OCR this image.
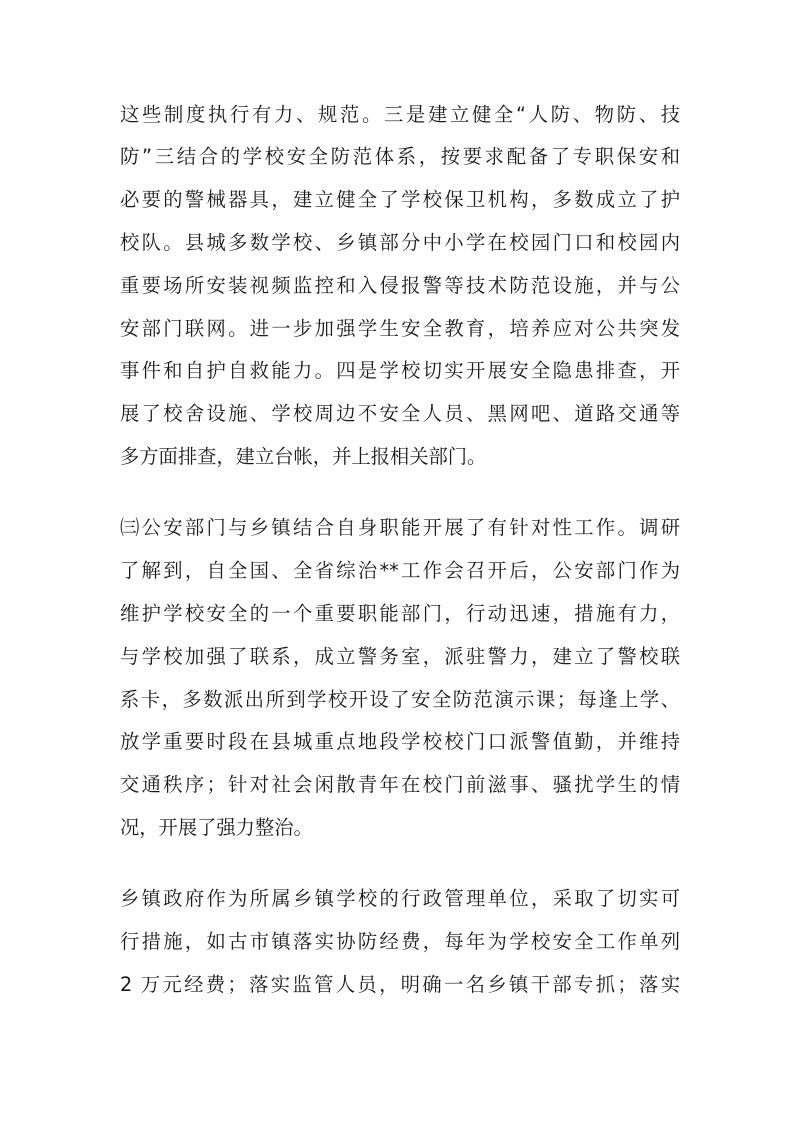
这些制度执行有力、规范。三是建立健全“人防、物防、技
防”三结合的学校安全防范体系，按要求配备了专职保安和
必要的警械器具，建立健全了学校保卫机构，多数成立了护
校队。县城多数学校、乡镇部分中小学在校园门口和校园内
重要场所安装视频监控和入侵报警等技术防范设施，并与公
安部门联网。进一步加强学生安全教育，培养应对公共突发
事件和自护自救能力。四是学校切实开展安全隐患排查，开
展了校舍设施、学校周边不安全人员、黑网吧、道路交通等
多方面排查，建立台帐，并上报相关部门。
㈢公安部门与乡镇结合自身职能开展了有针对性工作。调研
了解到，自全国、全省综治**工作会召开后，公安部门作为
维护学校安全的一个重要职能部门，行动迅速，措施有力，
与学校加强了联系，成立警务室，派驻警力，建立了警校联
系卡，多数派出所到学校开设了安全防范演示课；每逢上学、
放学重要时段在县城重点地段学校校门口派警值勤，并维持
交通秩序；针对社会闲散青年在校门前滋事、骚扰学生的情
况，开展了强力整治。
乡镇政府作为所属乡镇学校的行政管理单位，采取了切实可
行措施，如古市镇落实协防经费，每年为学校安全工作单列
2 万元经费；落实监管人员，明确一名乡镇干部专抓；落实
